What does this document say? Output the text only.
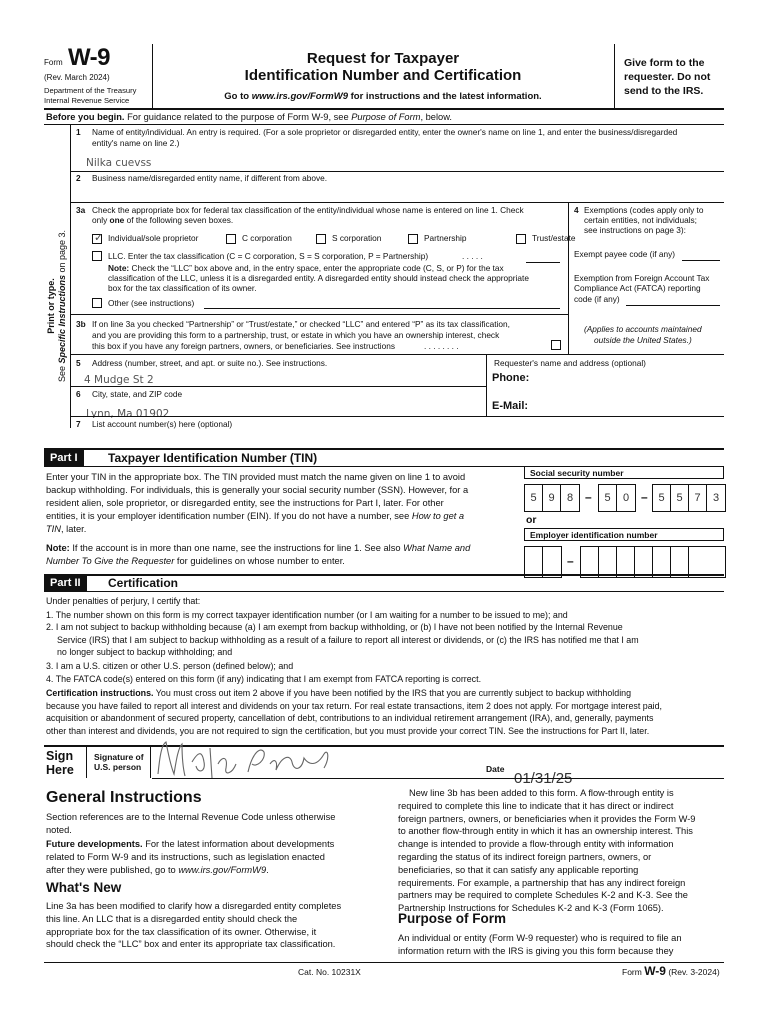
Form W-9
(Rev. March 2024)
Department of the Treasury
Internal Revenue Service
Request for Taxpayer
Identification Number and Certification
Go to www.irs.gov/FormW9 for instructions and the latest information.
Give form to the
requester. Do not
send to the IRS.
Before you begin. For guidance related to the purpose of Form W-9, see Purpose of Form, below.
Print or type.
See Specific Instructions on page 3.
1 Name of entity/individual. An entry is required. (For a sole proprietor or disregarded entity, enter the owner's name on line 1, and enter the business/disregarded
entity's name on line 2.)
Nilka cuevss
2 Business name/disregarded entity name, if different from above.
3a Check the appropriate box for federal tax classification of the entity/individual whose name is entered on line 1. Check
only one of the following seven boxes.
✓ Individual/sole proprietor	C corporation	S corporation	Partnership	Trust/estate
LLC. Enter the tax classification (C = C corporation, S = S corporation, P = Partnership)	. . . . .
Note: Check the “LLC” box above and, in the entry space, enter the appropriate code (C, S, or P) for the tax
classification of the LLC, unless it is a disregarded entity. A disregarded entity should instead check the appropriate
box for the tax classification of its owner.
Other (see instructions)
4 Exemptions (codes apply only to
certain entities, not individuals;
see instructions on page 3):
Exempt payee code (if any)
Exemption from Foreign Account Tax
Compliance Act (FATCA) reporting
code (if any)
3b If on line 3a you checked “Partnership” or “Trust/estate,” or checked “LLC” and entered “P” as its tax classification,
and you are providing this form to a partnership, trust, or estate in which you have an ownership interest, check
this box if you have any foreign partners, owners, or beneficiaries. See instructions	. . . . . . . .
(Applies to accounts maintained
outside the United States.)
5 Address (number, street, and apt. or suite no.). See instructions.
4 Mudge St 2
Requester's name and address (optional)
Phone:
E-Mail:
6 City, state, and ZIP code
Lynn, Ma 01902
7 List account number(s) here (optional)
Part I	Taxpayer Identification Number (TIN)
Enter your TIN in the appropriate box. The TIN provided must match the name given on line 1 to avoid
backup withholding. For individuals, this is generally your social security number (SSN). However, for a
resident alien, sole proprietor, or disregarded entity, see the instructions for Part I, later. For other
entities, it is your employer identification number (EIN). If you do not have a number, see How to get a
TIN, later.
Note: If the account is in more than one name, see the instructions for line 1. See also What Name and
Number To Give the Requester for guidelines on whose number to enter.
Social security number
5	9	8 –	5	0 – 5	5	7	3
or
Employer identification number
–
Part II	Certification
Under penalties of perjury, I certify that:
1. The number shown on this form is my correct taxpayer identification number (or I am waiting for a number to be issued to me); and
2. I am not subject to backup withholding because (a) I am exempt from backup withholding, or (b) I have not been notified by the Internal Revenue
Service (IRS) that I am subject to backup withholding as a result of a failure to report all interest or dividends, or (c) the IRS has notified me that I am
no longer subject to backup withholding; and
3. I am a U.S. citizen or other U.S. person (defined below); and
4. The FATCA code(s) entered on this form (if any) indicating that I am exempt from FATCA reporting is correct.
Certification instructions. You must cross out item 2 above if you have been notified by the IRS that you are currently subject to backup withholding
because you have failed to report all interest and dividends on your tax return. For real estate transactions, item 2 does not apply. For mortgage interest paid,
acquisition or abandonment of secured property, cancellation of debt, contributions to an individual retirement arrangement (IRA), and, generally, payments
other than interest and dividends, you are not required to sign the certification, but you must provide your correct TIN. See the instructions for Part II, later.
Sign
Here
Signature of
U.S. person	Date
01/31/25
General Instructions
Section references are to the Internal Revenue Code unless otherwise
noted.
Future developments. For the latest information about developments
related to Form W-9 and its instructions, such as legislation enacted
after they were published, go to www.irs.gov/FormW9.
What's New
Line 3a has been modified to clarify how a disregarded entity completes
this line. An LLC that is a disregarded entity should check the
appropriate box for the tax classification of its owner. Otherwise, it
should check the “LLC” box and enter its appropriate tax classification.
New line 3b has been added to this form. A flow-through entity is
required to complete this line to indicate that it has direct or indirect
foreign partners, owners, or beneficiaries when it provides the Form W-9
to another flow-through entity in which it has an ownership interest. This
change is intended to provide a flow-through entity with information
regarding the status of its indirect foreign partners, owners, or
beneficiaries, so that it can satisfy any applicable reporting
requirements. For example, a partnership that has any indirect foreign
partners may be required to complete Schedules K-2 and K-3. See the
Partnership Instructions for Schedules K-2 and K-3 (Form 1065).
Purpose of Form
An individual or entity (Form W-9 requester) who is required to file an
information return with the IRS is giving you this form because they
Cat. No. 10231X	Form W-9 (Rev. 3-2024)
